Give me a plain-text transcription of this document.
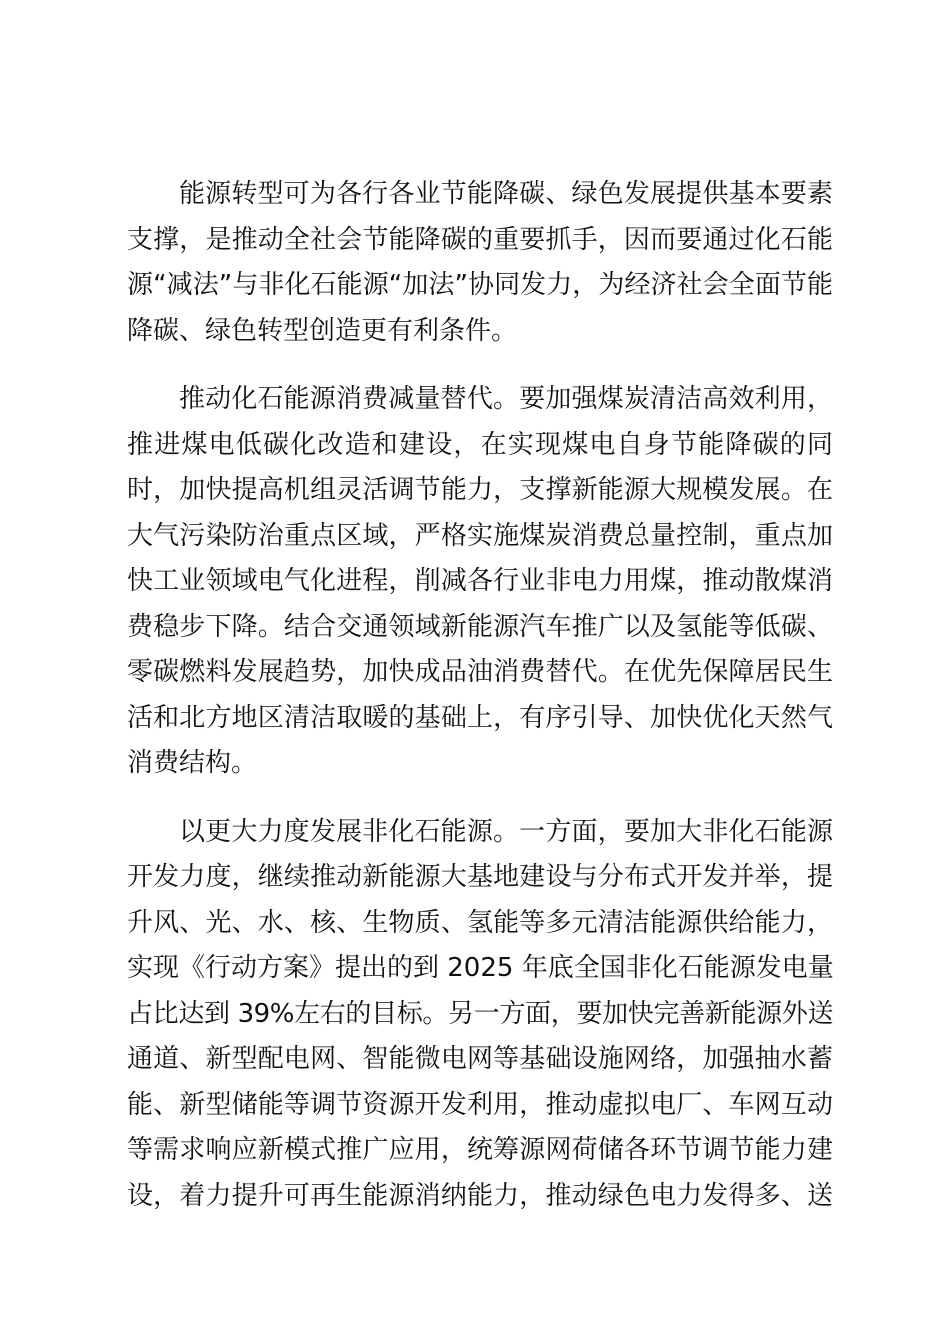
能源转型可为各行各业节能降碳、绿色发展提供基本要素
支撑，是推动全社会节能降碳的重要抓手，因而要通过化石能
源“减法”与非化石能源“加法”协同发力，为经济社会全面节能
降碳、绿色转型创造更有利条件。
推动化石能源消费减量替代。要加强煤炭清洁高效利用，
推进煤电低碳化改造和建设，在实现煤电自身节能降碳的同
时，加快提高机组灵活调节能力，支撑新能源大规模发展。在
大气污染防治重点区域，严格实施煤炭消费总量控制，重点加
快工业领域电气化进程，削减各行业非电力用煤，推动散煤消
费稳步下降。结合交通领域新能源汽车推广以及氢能等低碳、
零碳燃料发展趋势，加快成品油消费替代。在优先保障居民生
活和北方地区清洁取暖的基础上，有序引导、加快优化天然气
消费结构。
以更大力度发展非化石能源。一方面，要加大非化石能源
开发力度，继续推动新能源大基地建设与分布式开发并举，提
升风、光、水、核、生物质、氢能等多元清洁能源供给能力，
实现《行动方案》提出的到 2025 年底全国非化石能源发电量
占比达到 39%左右的目标。另一方面，要加快完善新能源外送
通道、新型配电网、智能微电网等基础设施网络，加强抽水蓄
能、新型储能等调节资源开发利用，推动虚拟电厂、车网互动
等需求响应新模式推广应用，统筹源网荷储各环节调节能力建
设，着力提升可再生能源消纳能力，推动绿色电力发得多、送
